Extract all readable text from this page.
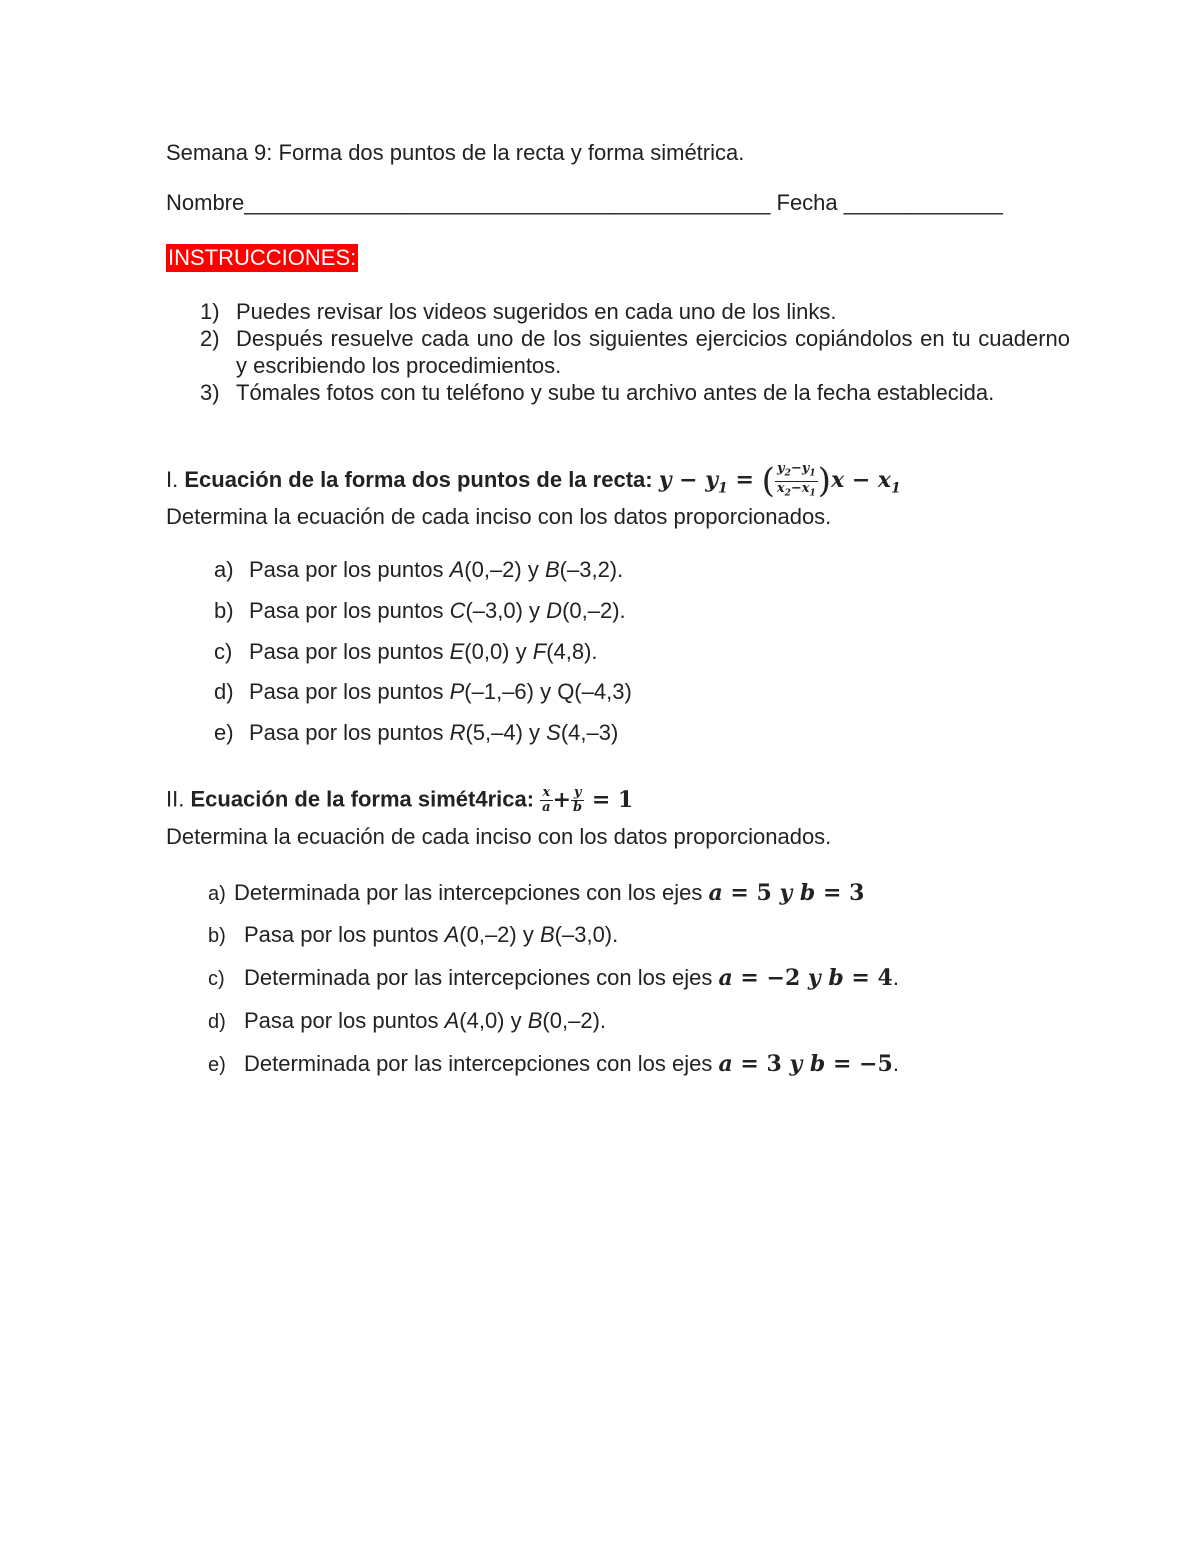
Semana 9: Forma dos puntos de la recta y forma simétrica.
Nombre___________________________________________ Fecha _____________
INSTRUCCIONES:
1) Puedes revisar los videos sugeridos en cada uno de los links.
2) Después resuelve cada uno de los siguientes ejercicios copiándolos en tu cuaderno y escribiendo los procedimientos.
3) Tómales fotos con tu teléfono y sube tu archivo antes de la fecha establecida.
I. Ecuación de la forma dos puntos de la recta: $y - y_1$ = ( $\frac{y_2-y_1}{x_2-x_1} )x - x_1$
Determina la ecuación de cada inciso con los datos proporcionados.
a) Pasa por los puntos A(0,–2) y B(–3,2).
b) Pasa por los puntos C(–3,0) y D(0,–2).
c) Pasa por los puntos E(0,0) y F(4,8).
d) Pasa por los puntos P(–1,–6) y Q(–4,3)
e) Pasa por los puntos R(5,–4) y S(4,–3)
II. Ecuación de la forma simét4rica: $\frac{x}{a} + \frac{y}{b} = 1$
Determina la ecuación de cada inciso con los datos proporcionados.
a) Determinada por las intercepciones con los ejes a = 5 y b = 3
b) Pasa por los puntos A(0,–2) y B(–3,0).
c) Determinada por las intercepciones con los ejes a = −2 y b = 4.
d) Pasa por los puntos A(4,0) y B(0,–2).
e) Determinada por las intercepciones con los ejes a = 3 y b = −5.
